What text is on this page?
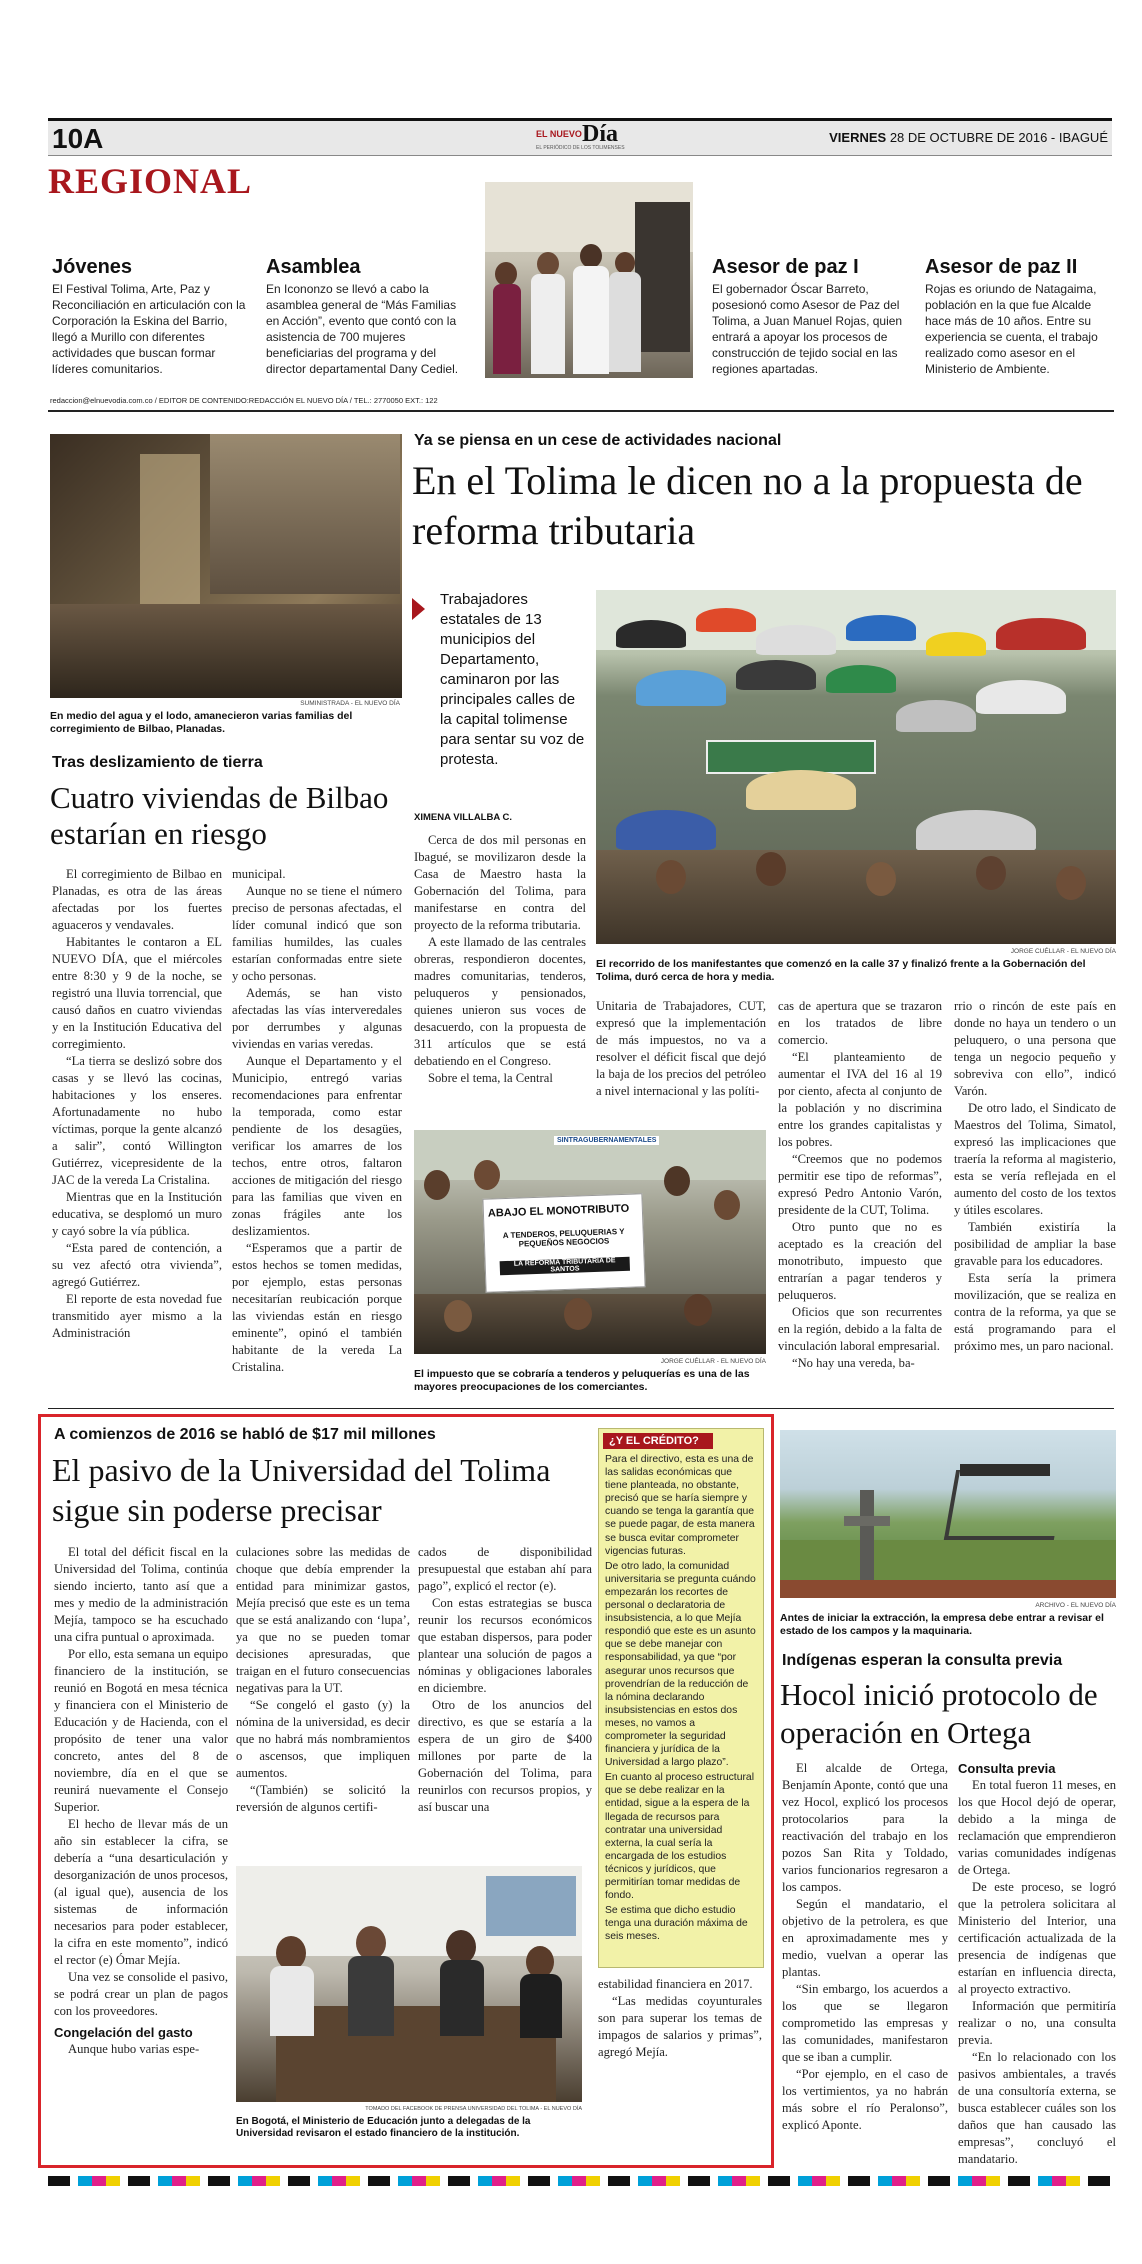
10A	EL NUEVO Día
EL PERIÓDICO DE LOS TOLIMENSES
VIERNES 28 DE OCTUBRE DE 2016 - IBAGUÉ
REGIONAL
Jóvenes
El Festival Tolima, Arte, Paz y Reconciliación en articulación con la Corporación la Eskina del Barrio, llegó a Murillo con diferentes actividades que buscan formar líderes comunitarios.
Asamblea
En Icononzo se llevó a cabo la asamblea general de “Más Familias en Acción”, evento que contó con la asistencia de 700 mujeres beneficiarias del programa y del director departamental Dany Cediel.
Asesor de paz I
El gobernador Óscar Barreto, posesionó como Asesor de Paz del Tolima, a Juan Manuel Rojas, quien entrará a apoyar los procesos de construcción de tejido social en las regiones apartadas.
Asesor de paz II
Rojas es oriundo de Natagaima, población en la que fue Alcalde hace más de 10 años. Entre su experiencia se cuenta, el trabajo realizado como asesor en el Ministerio de Ambiente.
redaccion@elnuevodia.com.co / EDITOR DE CONTENIDO:REDACCIÓN EL NUEVO DÍA / TEL.: 2770050 EXT.: 122
SUMINISTRADA - EL NUEVO DÍA
En medio del agua y el lodo, amanecieron varias familias del corregimiento de Bilbao, Planadas.
Tras deslizamiento de tierra
Cuatro viviendas de Bilbao estarían en riesgo

El corregimiento de Bilbao en Planadas, es otra de las áreas afectadas por los fuertes aguaceros y vendavales.

Habitantes le contaron a EL NUEVO DÍA, que el miércoles entre 8:30 y 9 de la noche, se registró una lluvia torrencial, que causó daños en cuatro viviendas y en la Institución Educativa del corregimiento.

“La tierra se deslizó sobre dos casas y se llevó las cocinas, habitaciones y los enseres. Afortunadamente no hubo víctimas, porque la gente alcanzó a salir”, contó Willington Gutiérrez, vicepresidente de la JAC de la vereda La Cristalina.

Mientras que en la Institución educativa, se desplomó un muro y cayó sobre la vía pública.

“Esta pared de contención, a su vez afectó otra vivienda”, agregó Gutiérrez.

El reporte de esta novedad fue transmitido ayer mismo a la Administración

municipal.

Aunque no se tiene el número preciso de personas afectadas, el líder comunal indicó que son familias humildes, las cuales estarían conformadas entre siete y ocho personas.

Además, se han visto afectadas las vías interveredales por derrumbes y algunas viviendas en varias veredas.

Aunque el Departamento y el Municipio, entregó varias recomendaciones para enfrentar la temporada, como estar pendiente de los desagües, verificar los amarres de los techos, entre otros, faltaron acciones de mitigación del riesgo para las familias que viven en zonas frágiles ante los deslizamientos.

“Esperamos que a partir de estos hechos se tomen medidas, por ejemplo, estas personas necesitarían reubicación porque las viviendas están en riesgo eminente”, opinó el también habitante de la vereda La Cristalina.

Ya se piensa en un cese de actividades nacional
En el Tolima le dicen no a la propuesta de reforma tributaria
Trabajadores estatales de 13 municipios del Departamento, caminaron por las principales calles de la capital tolimense para sentar su voz de protesta.
XIMENA VILLALBA C.
JORGE CUÉLLAR - EL NUEVO DÍA
El recorrido de los manifestantes que comenzó en la calle 37 y finalizó frente a la Gobernación del Tolima, duró cerca de hora y media.

Cerca de dos mil personas en Ibagué, se movilizaron desde la Casa de Maestro hasta la Gobernación del Tolima, para manifestarse en contra del proyecto de la reforma tributaria.

A este llamado de las centrales obreras, respondieron docentes, madres comunitarias, tenderos, peluqueros y pensionados, quienes unieron sus voces de desacuerdo, con la propuesta de 311 artículos que se está debatiendo en el Congreso.

Sobre el tema, la Central

Unitaria de Trabajadores, CUT, expresó que la implementación de más impuestos, no va a resolver el déficit fiscal que dejó la baja de los precios del petróleo a nivel internacional y las políti-

cas de apertura que se trazaron en los tratados de libre comercio.

“El planteamiento de aumentar el IVA del 16 al 19 por ciento, afecta al conjunto de la población y no discrimina entre los grandes capitalistas y los pobres.

“Creemos que no podemos permitir ese tipo de reformas”, expresó Pedro Antonio Varón, presidente de la CUT, Tolima.

Otro punto que no es aceptado es la creación del monotributo, impuesto que entrarían a pagar tenderos y peluqueros.

Oficios que son recurrentes en la región, debido a la falta de vinculación laboral empresarial.

“No hay una vereda, ba-

rrio o rincón de este país en donde no haya un tendero o un peluquero, o una persona que tenga un negocio pequeño y sobreviva con ello”, indicó Varón.

De otro lado, el Sindicato de Maestros del Tolima, Simatol, expresó las implicaciones que traería la reforma al magisterio, esta se vería reflejada en el aumento del costo de los textos y útiles escolares.

También existiría la posibilidad de ampliar la base gravable para los educadores.

Esta sería la primera movilización, que se realiza en contra de la reforma, ya que se está programando para el próximo mes, un paro nacional.

SINTRAGUBERNAMENTALES
ABAJO EL MONOTRIBUTO
A TENDEROS, PELUQUERIAS Y PEQUEÑOS NEGOCIOS
LA REFORMA TRIBUTARIA DE SANTOS
JORGE CUÉLLAR - EL NUEVO DÍA
El impuesto que se cobraría a tenderos y peluquerías es una de las mayores preocupaciones de los comerciantes.
A comienzos de 2016 se habló de $17 mil millones
El pasivo de la Universidad del Tolima sigue sin poderse precisar

El total del déficit fiscal en la Universidad del Tolima, continúa siendo incierto, tanto así que a mes y medio de la administración Mejía, tampoco se ha escuchado una cifra puntual o aproximada.

Por ello, esta semana un equipo financiero de la institución, se reunió en Bogotá en mesa técnica y financiera con el Ministerio de Educación y de Hacienda, con el propósito de tener una valor concreto, antes del 8 de noviembre, día en el que se reunirá nuevamente el Consejo Superior.

El hecho de llevar más de un año sin establecer la cifra, se debería a “una desarticulación y desorganización de unos procesos, (al igual que), ausencia de los sistemas de información necesarios para poder establecer, la cifra en este momento”, indicó el rector (e) Ómar Mejía.

Una vez se consolide el pasivo, se podrá crear un plan de pagos con los proveedores.

Congelación del gasto

Aunque hubo varias espe-

culaciones sobre las medidas de choque que debía emprender la entidad para minimizar gastos, Mejía precisó que este es un tema que se está analizando con ‘lupa’, ya que no se pueden tomar decisiones apresuradas, que traigan en el futuro consecuencias negativas para la UT.

“Se congeló el gasto (y) la nómina de la universidad, es decir que no habrá más nombramientos o ascensos, que impliquen aumentos.

“(También) se solicitó la reversión de algunos certifi-

cados de disponibilidad presupuestal que estaban ahí para pago”, explicó el rector (e).

Con estas estrategias se busca reunir los recursos económicos que estaban dispersos, para poder plantear una solución de pagos a nóminas y obligaciones laborales en diciembre.

Otro de los anuncios del directivo, es que se estaría a la espera de un giro de $400 millones por parte de la Gobernación del Tolima, para reunirlos con recursos propios, y así buscar una

TOMADO DEL FACEBOOK DE PRENSA UNIVERSIDAD DEL TOLIMA - EL NUEVO DÍA
En Bogotá, el Ministerio de Educación junto a delegadas de la Universidad revisaron el estado financiero de la institución.

estabilidad financiera en 2017.

“Las medidas coyunturales son para superar los temas de impagos de salarios y primas”, agregó Mejía.

¿Y EL CRÉDITO?

Para el directivo, esta es una de las salidas económicas que tiene planteada, no obstante, precisó que se haría siempre y cuando se tenga la garantía que se puede pagar, de esta manera se busca evitar comprometer vigencias futuras.

De otro lado, la comunidad universitaria se pregunta cuándo empezarán los recortes de personal o declaratoria de insubsistencia, a lo que Mejía respondió que este es un asunto que se debe manejar con responsabilidad, ya que “por asegurar unos recursos que provendrían de la reducción de la nómina declarando insubsistencias en estos dos meses, no vamos a comprometer la seguridad financiera y jurídica de la Universidad a largo plazo”.

En cuanto al proceso estructural que se debe realizar en la entidad, sigue a la espera de la llegada de recursos para contratar una universidad externa, la cual sería la encargada de los estudios técnicos y jurídicos, que permitirían tomar medidas de fondo.

Se estima que dicho estudio tenga una duración máxima de seis meses.

ARCHIVO - EL NUEVO DÍA
Antes de iniciar la extracción, la empresa debe entrar a revisar el estado de los campos y la maquinaria.
Indígenas esperan la consulta previa
Hocol inició protocolo de operación en Ortega

El alcalde de Ortega, Benjamín Aponte, contó que una vez Hocol, explicó los procesos protocolarios para la reactivación del trabajo en los pozos San Rita y Toldado, varios funcionarios regresaron a los campos.

Según el mandatario, el objetivo de la petrolera, es que en aproximadamente mes y medio, vuelvan a operar las plantas.

“Sin embargo, los acuerdos a los que se llegaron comprometido las empresas y las comunidades, manifestaron que se iban a cumplir.

“Por ejemplo, en el caso de los vertimientos, ya no habrán más sobre el río Peralonso”, explicó Aponte.

Consulta previa

En total fueron 11 meses, en los que Hocol dejó de operar, debido a la minga de reclamación que emprendieron varias comunidades indígenas de Ortega.

De este proceso, se logró que la petrolera solicitara al Ministerio del Interior, una certificación actualizada de la presencia de indígenas que estarían en influencia directa, al proyecto extractivo.

Información que permitiría realizar o no, una consulta previa.

“En lo relacionado con los pasivos ambientales, a través de una consultoría externa, se busca establecer cuáles son los daños que han causado las empresas”, concluyó el mandatario.
